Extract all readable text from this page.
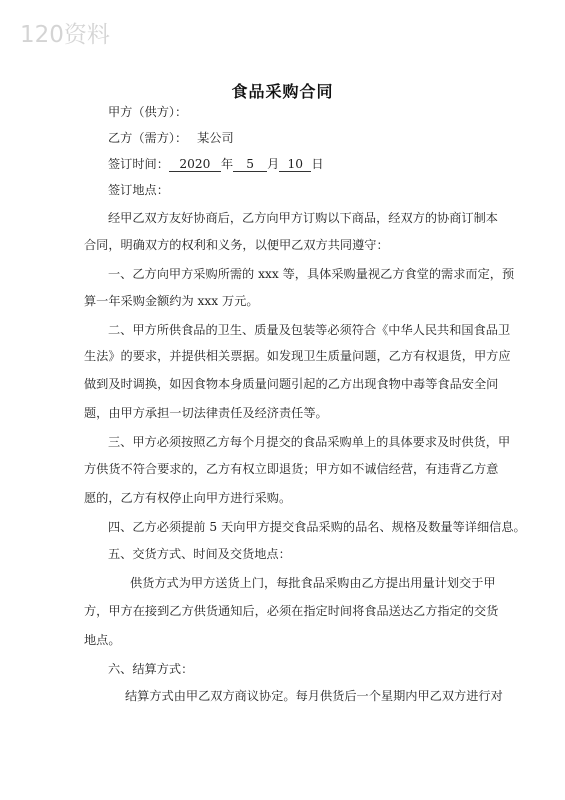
120资料
食品采购合同
甲方（供方）：
乙方（需方）： 某公司
签订时间： 2020 年 5 月 10 日
签订地点：
经甲乙双方友好协商后，乙方向甲方订购以下商品，经双方的协商订制本
合同，明确双方的权利和义务，以便甲乙双方共同遵守：
一、乙方向甲方采购所需的 xxx 等，具体采购量视乙方食堂的需求而定，预
算一年采购金额约为 xxx 万元。
二、甲方所供食品的卫生、质量及包装等必须符合《中华人民共和国食品卫
生法》的要求，并提供相关票据。如发现卫生质量问题，乙方有权退货，甲方应
做到及时调换，如因食物本身质量问题引起的乙方出现食物中毒等食品安全问
题，由甲方承担一切法律责任及经济责任等。
三、甲方必须按照乙方每个月提交的食品采购单上的具体要求及时供货，甲
方供货不符合要求的，乙方有权立即退货；甲方如不诚信经营，有违背乙方意
愿的，乙方有权停止向甲方进行采购。
四、乙方必须提前 5 天向甲方提交食品采购的品名、规格及数量等详细信息。
五、交货方式、时间及交货地点：
供货方式为甲方送货上门，每批食品采购由乙方提出用量计划交于甲
方，甲方在接到乙方供货通知后，必须在指定时间将食品送达乙方指定的交货
地点。
六、结算方式：
结算方式由甲乙双方商议协定。每月供货后一个星期内甲乙双方进行对
